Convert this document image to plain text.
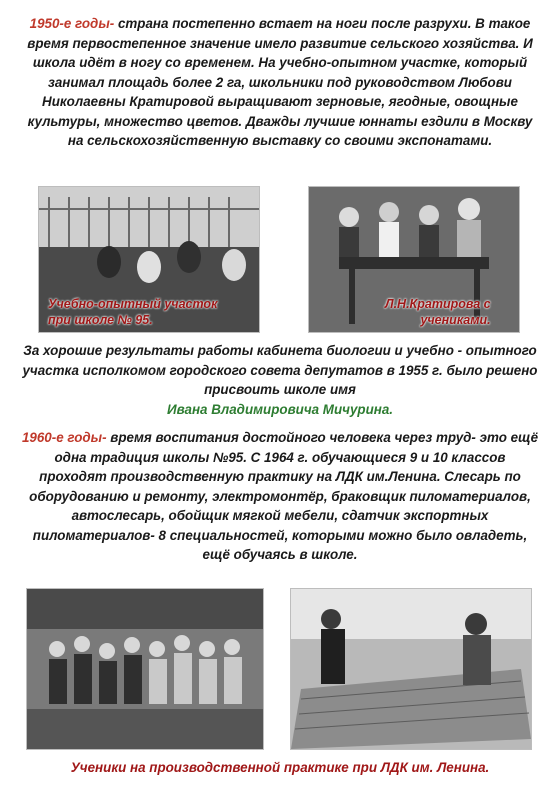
1950-е годы- страна постепенно встает на ноги после разрухи. В такое время первостепенное значение имело развитие сельского хозяйства. И школа идёт в ногу со временем. На учебно-опытном участке, который занимал площадь более 2 га, школьники под руководством Любови Николаевны Кратировой выращивают зерновые, ягодные, овощные культуры, множество цветов. Дважды лучшие юннаты ездили в Москву на сельскохозяйственную выставку со своими экспонатами.
Учебно-опытный участок
при школе № 95.
Л.Н.Кратирова с
учениками.
За хорошие результаты работы кабинета биологии и учебно - опытного участка исполкомом городского совета депутатов в 1955 г. было решено присвоить школе имя
Ивана Владимировича Мичурина.
1960-е годы- время воспитания достойного человека через труд- это ещё одна традиция школы №95. С 1964 г. обучающиеся 9 и 10 классов проходят производственную практику на ЛДК им.Ленина. Слесарь по оборудованию и ремонту, электромонтёр, браковщик пиломатериалов, автослесарь, обойщик мягкой мебели, сдатчик экспортных пиломатериалов- 8 специальностей, которыми можно было овладеть, ещё обучаясь в школе.
Ученики на производственной практике при ЛДК им. Ленина.
